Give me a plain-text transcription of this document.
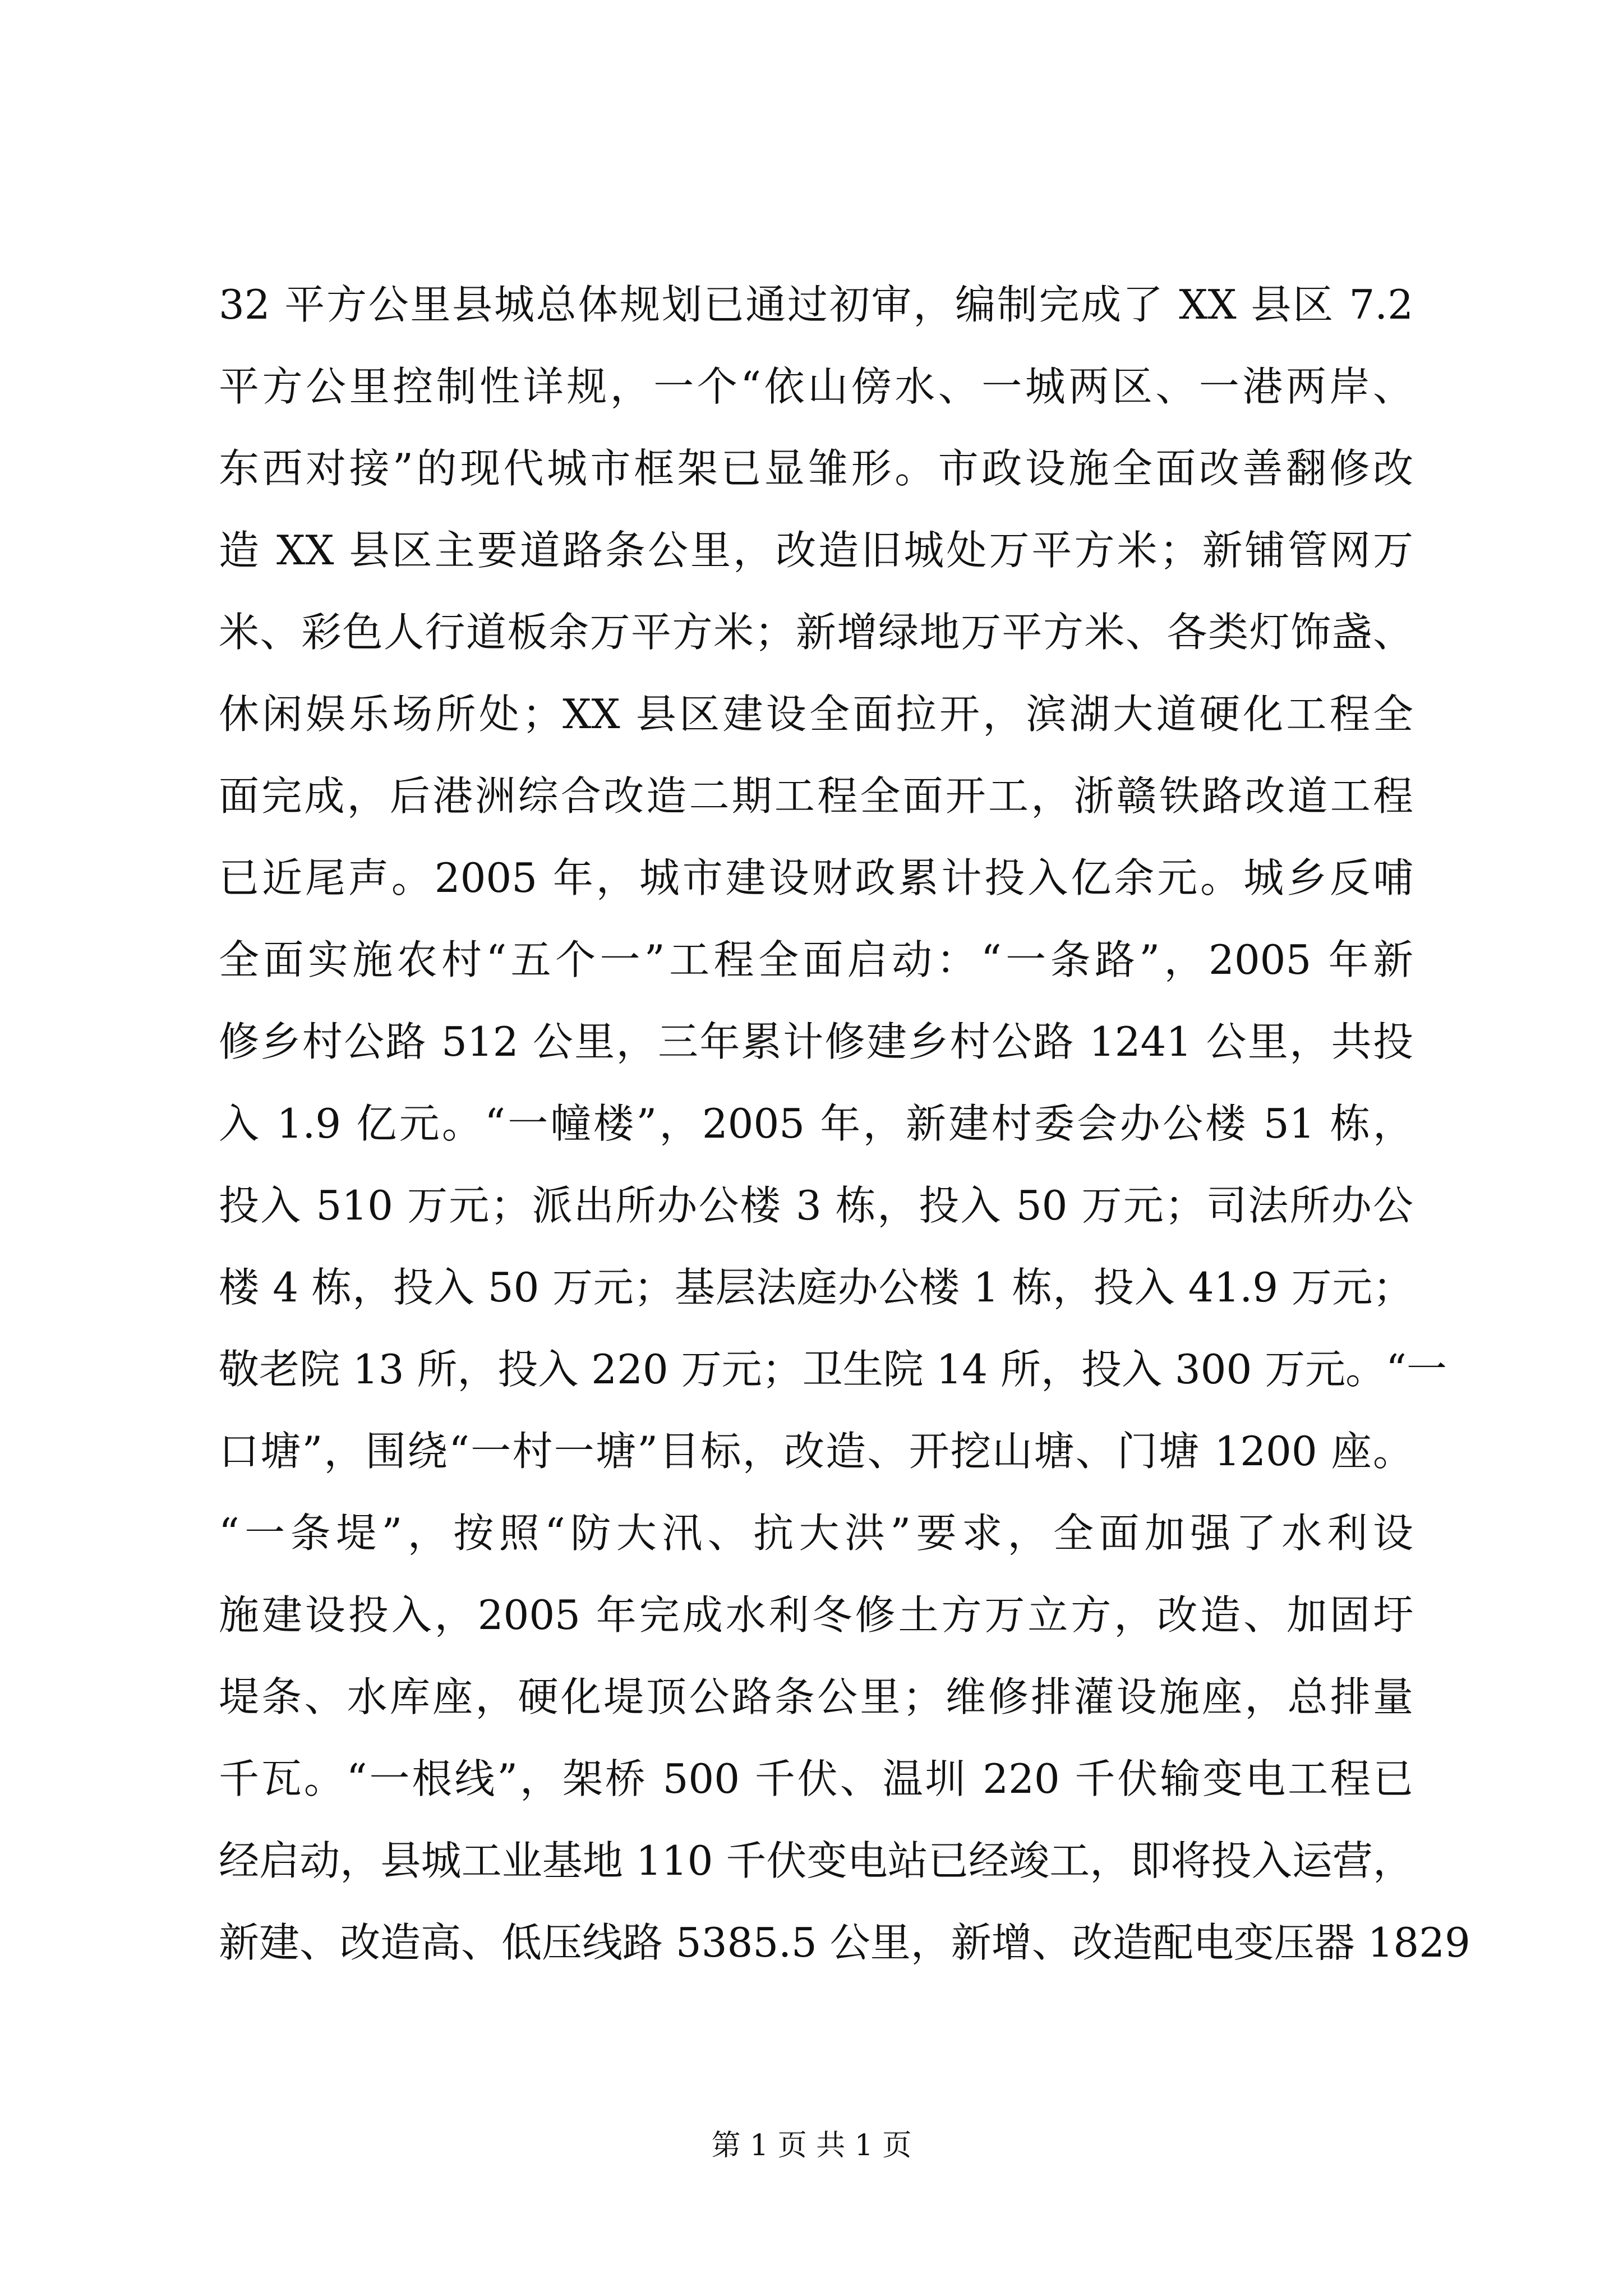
32 平方公里县城总体规划已通过初审，编制完成了 XX 县区 7.2
平方公里控制性详规，一个“依山傍水、一城两区、一港两岸、
东西对接”的现代城市框架已显雏形。市政设施全面改善翻修改
造 XX 县区主要道路条公里，改造旧城处万平方米；新铺管网万
米、彩色人行道板余万平方米；新增绿地万平方米、各类灯饰盏、
休闲娱乐场所处；XX 县区建设全面拉开，滨湖大道硬化工程全
面完成，后港洲综合改造二期工程全面开工，浙赣铁路改道工程
已近尾声。2005 年，城市建设财政累计投入亿余元。城乡反哺
全面实施农村“五个一”工程全面启动：“一条路”，2005 年新
修乡村公路 512 公里，三年累计修建乡村公路 1241 公里，共投
入 1.9 亿元。“一幢楼”，2005 年，新建村委会办公楼 51 栋，
投入 510 万元；派出所办公楼 3 栋，投入 50 万元；司法所办公
楼 4 栋，投入 50 万元；基层法庭办公楼 1 栋，投入 41.9 万元；
敬老院 13 所，投入 220 万元；卫生院 14 所，投入 300 万元。“一
口塘”，围绕“一村一塘”目标，改造、开挖山塘、门塘 1200 座。
“一条堤”，按照“防大汛、抗大洪”要求，全面加强了水利设
施建设投入，2005 年完成水利冬修土方万立方，改造、加固圩
堤条、水库座，硬化堤顶公路条公里；维修排灌设施座，总排量
千瓦。“一根线”，架桥 500 千伏、温圳 220 千伏输变电工程已
经启动，县城工业基地 110 千伏变电站已经竣工，即将投入运营，
新建、改造高、低压线路 5385.5 公里，新增、改造配电变压器 1829
第 1 页 共 1 页
